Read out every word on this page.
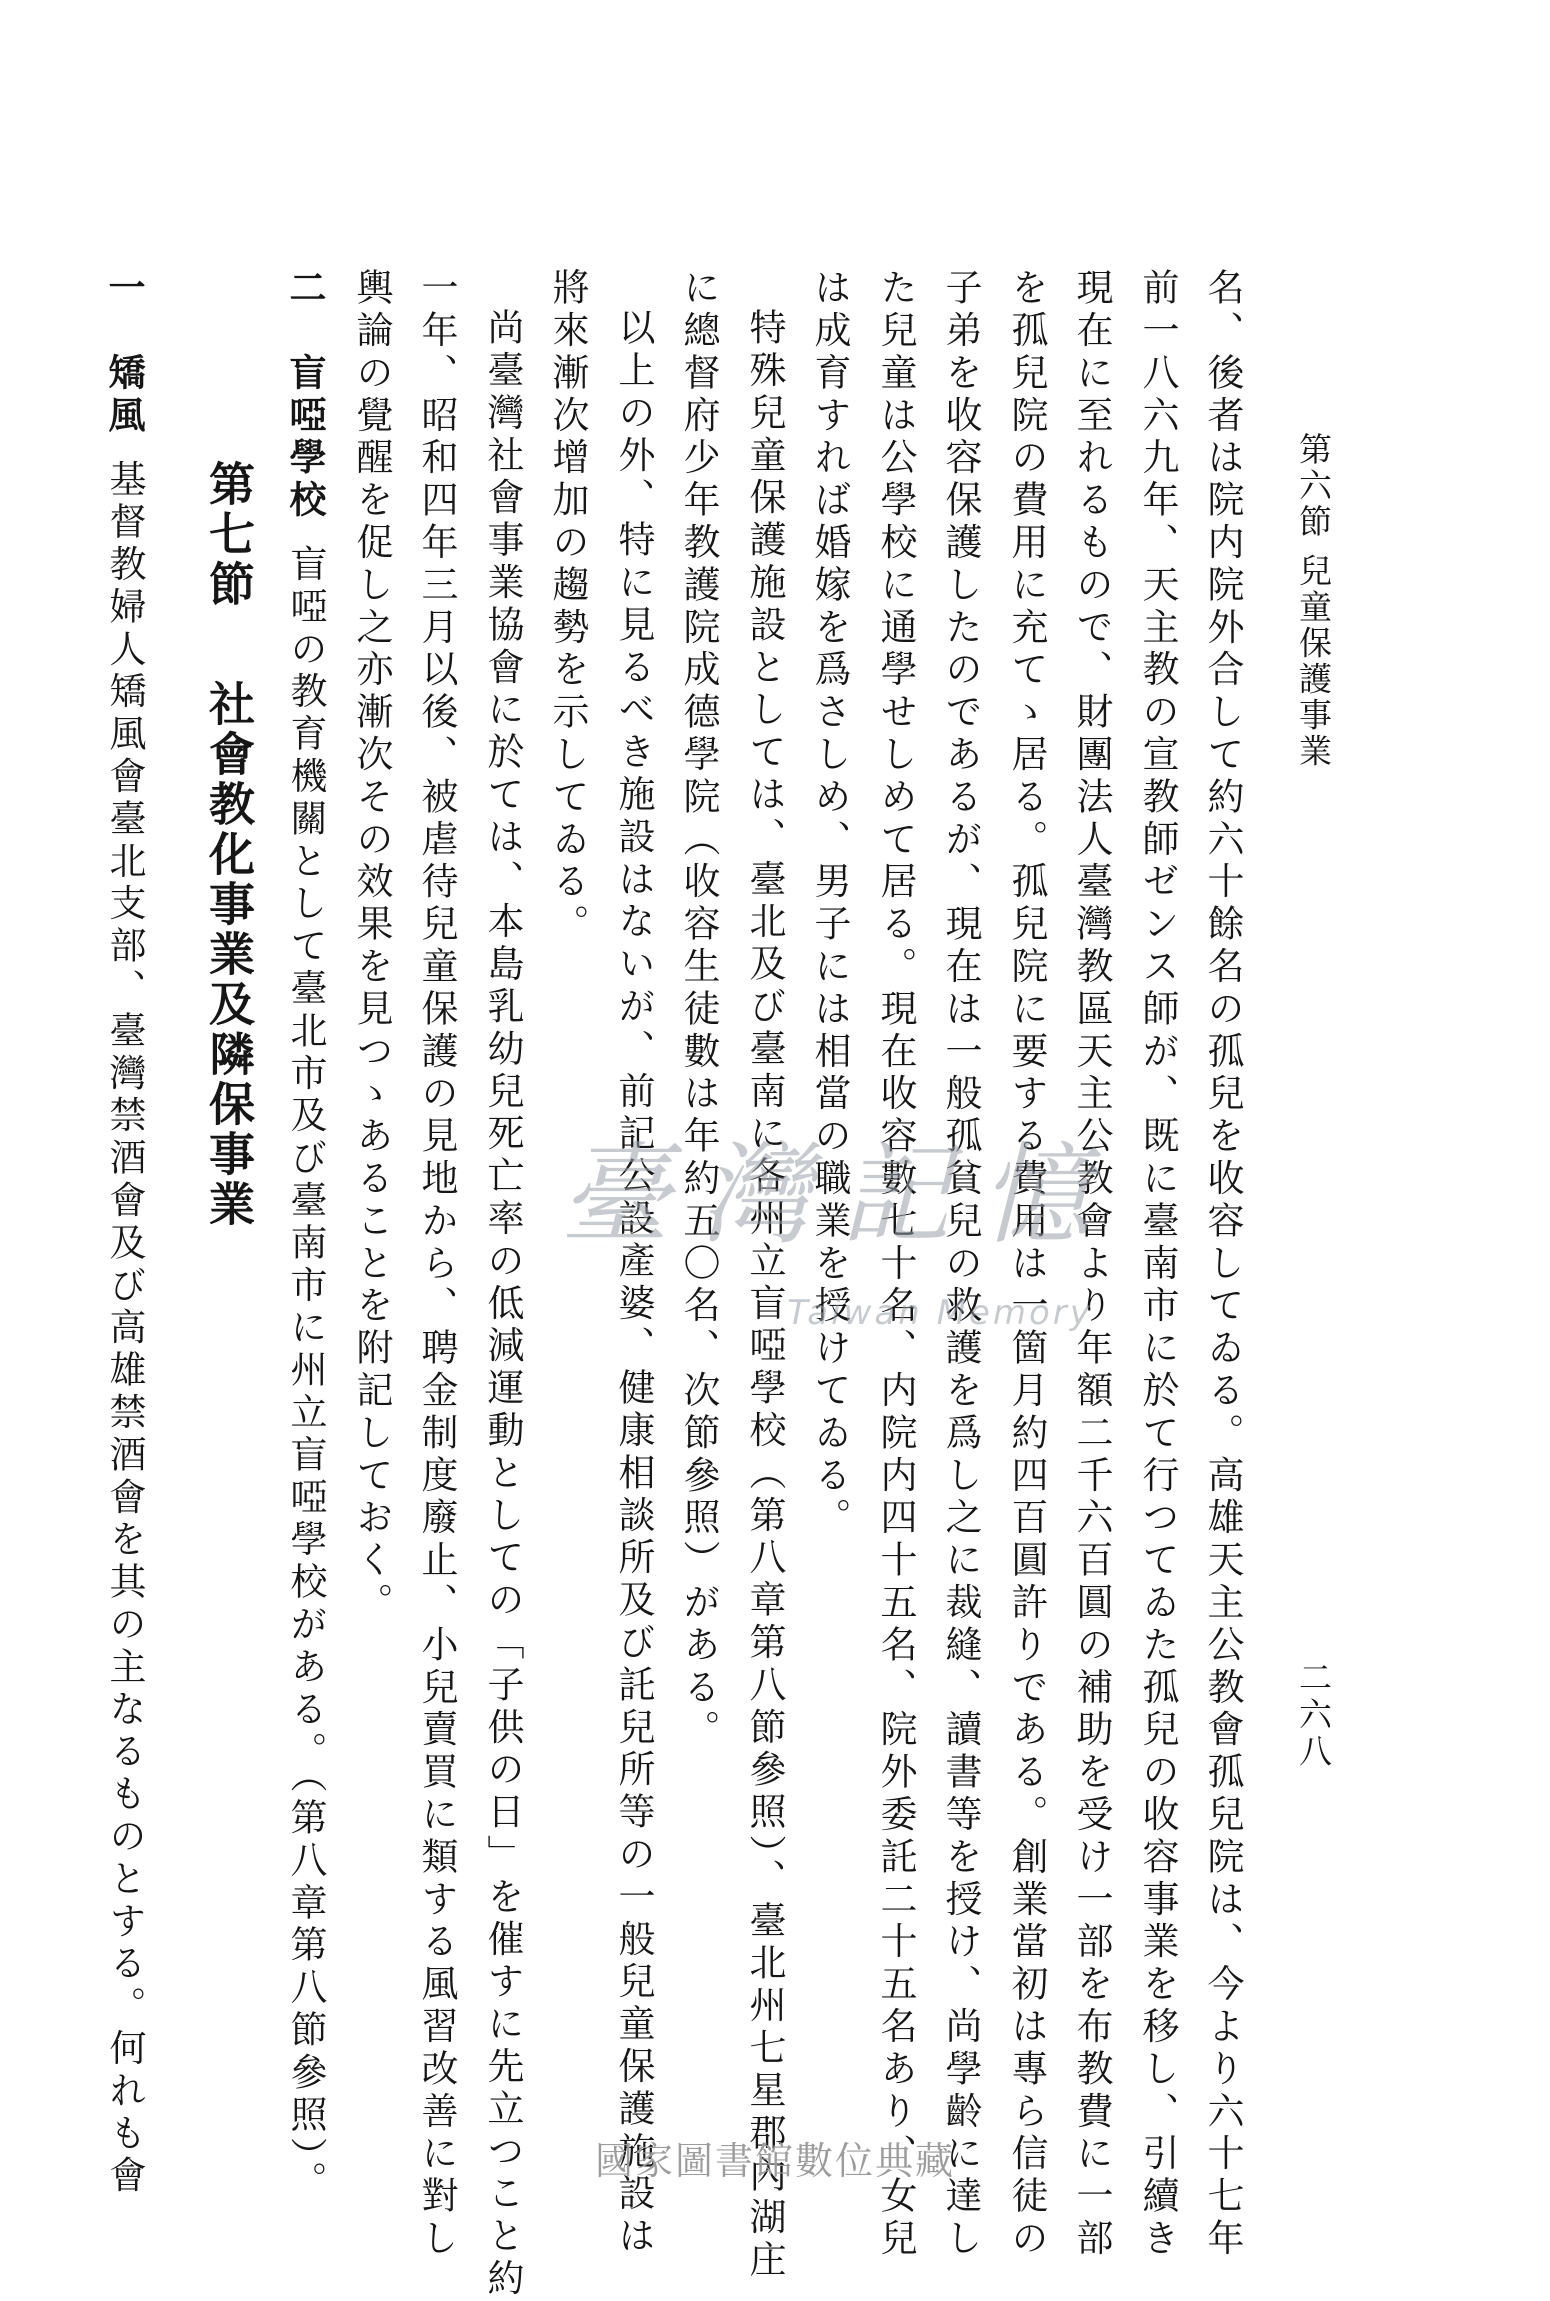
第六節 兒童保護事業
二六八
名、後者は院内院外合して約六十餘名の孤兒を收容してゐる。高雄天主公教會孤兒院は、今より六十七年
前一八六九年、天主教の宣教師ゼンス師が、既に臺南市に於て行つてゐた孤兒の收容事業を移し、引續き
現在に至れるもので、財團法人臺灣教區天主公教會より年額二千六百圓の補助を受け一部を布教費に一部
を孤兒院の費用に充てゝ居る。孤兒院に要する費用は一箇月約四百圓許りである。創業當初は專ら信徒の
子弟を收容保護したのであるが、現在は一般孤貧兒の救護を爲し之に裁縫、讀書等を授け、尚學齡に達し
た兒童は公學校に通學せしめて居る。現在收容數七十名、内院内四十五名、院外委託二十五名あり、女兒
は成育すれば婚嫁を爲さしめ、男子には相當の職業を授けてゐる。
特殊兒童保護施設としては、臺北及び臺南に各州立盲啞學校（第八章第八節參照）、臺北州七星郡內湖庄
に總督府少年教護院成德學院（收容生徒數は年約五〇名、次節參照）がある。
以上の外、特に見るべき施設はないが、前記公設產婆、健康相談所及び託兒所等の一般兒童保護施設は
將來漸次增加の趨勢を示してゐる。
尚臺灣社會事業協會に於ては、本島乳幼兒死亡率の低減運動としての「子供の日」を催すに先立つこと約
一年、昭和四年三月以後、被虐待兒童保護の見地から、聘金制度廢止、小兒賣買に類する風習改善に對し
輿論の覺醒を促し之亦漸次その效果を見つゝあることを附記しておく。
二　盲啞學校盲啞の教育機關として臺北市及び臺南市に州立盲啞學校がある。（第八章第八節參照）。
第七節社會教化事業及隣保事業
一　矯風基督教婦人矯風會臺北支部、臺灣禁酒會及び高雄禁酒會を其の主なるものとする。何れも會	臺灣記憶
Taiwan Memory
國家圖書館數位典藏
